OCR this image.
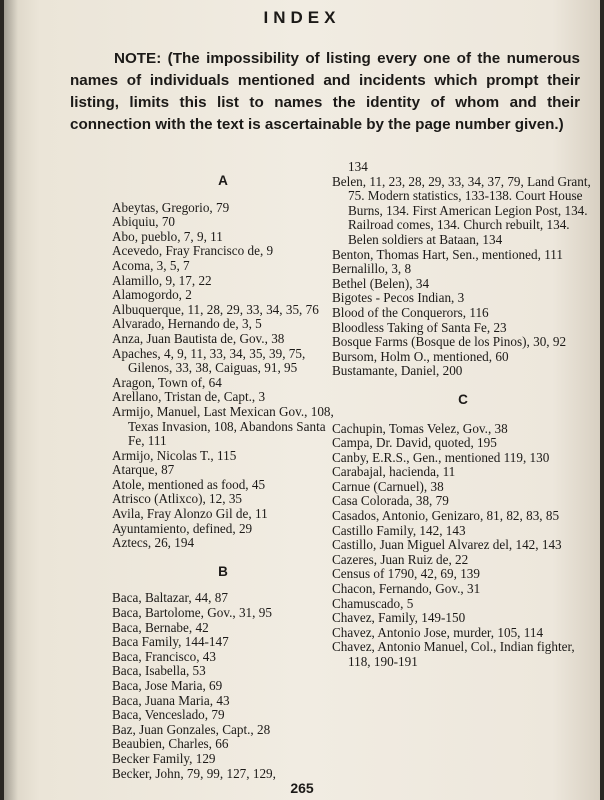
INDEX
NOTE: (The impossibility of listing every one of the numerous names of individuals mentioned and incidents which prompt their listing, limits this list to names the identity of whom and their connection with the text is ascertainable by the page number given.)
A

Abeytas, Gregorio, 79

Abiquiu, 70

Abo, pueblo, 7, 9, 11

Acevedo, Fray Francisco de, 9

Acoma, 3, 5, 7

Alamillo, 9, 17, 22

Alamogordo, 2

Albuquerque, 11, 28, 29, 33, 34, 35, 76

Alvarado, Hernando de, 3, 5

Anza, Juan Bautista de, Gov., 38

Apaches, 4, 9, 11, 33, 34, 35, 39, 75, Gilenos, 33, 38, Caiguas, 91, 95

Aragon, Town of, 64

Arellano, Tristan de, Capt., 3

Armijo, Manuel, Last Mexican Gov., 108, Texas Invasion, 108, Abandons Santa Fe, 111

Armijo, Nicolas T., 115

Atarque, 87

Atole, mentioned as food, 45

Atrisco (Atlixco), 12, 35

Avila, Fray Alonzo Gil de, 11

Ayuntamiento, defined, 29

Aztecs, 26, 194

B

Baca, Baltazar, 44, 87

Baca, Bartolome, Gov., 31, 95

Baca, Bernabe, 42

Baca Family, 144-147

Baca, Francisco, 43

Baca, Isabella, 53

Baca, Jose Maria, 69

Baca, Juana Maria, 43

Baca, Venceslado, 79

Baz, Juan Gonzales, Capt., 28

Beaubien, Charles, 66

Becker Family, 129

Becker, John, 79, 99, 127, 129,

134

Belen, 11, 23, 28, 29, 33, 34, 37, 79, Land Grant, 75. Modern statistics, 133-138. Court House Burns, 134. First American Legion Post, 134. Railroad comes, 134. Church rebuilt, 134. Belen soldiers at Bataan, 134

Benton, Thomas Hart, Sen., mentioned, 111

Bernalillo, 3, 8

Bethel (Belen), 34

Bigotes - Pecos Indian, 3

Blood of the Conquerors, 116

Bloodless Taking of Santa Fe, 23

Bosque Farms (Bosque de los Pinos), 30, 92

Bursom, Holm O., mentioned, 60

Bustamante, Daniel, 200

C

Cachupin, Tomas Velez, Gov., 38

Campa, Dr. David, quoted, 195

Canby, E.R.S., Gen., mentioned 119, 130

Carabajal, hacienda, 11

Carnue (Carnuel), 38

Casa Colorada, 38, 79

Casados, Antonio, Genizaro, 81, 82, 83, 85

Castillo Family, 142, 143

Castillo, Juan Miguel Alvarez del, 142, 143

Cazeres, Juan Ruiz de, 22

Census of 1790, 42, 69, 139

Chacon, Fernando, Gov., 31

Chamuscado, 5

Chavez, Family, 149-150

Chavez, Antonio Jose, murder, 105, 114

Chavez, Antonio Manuel, Col., Indian fighter, 118, 190-191

265
